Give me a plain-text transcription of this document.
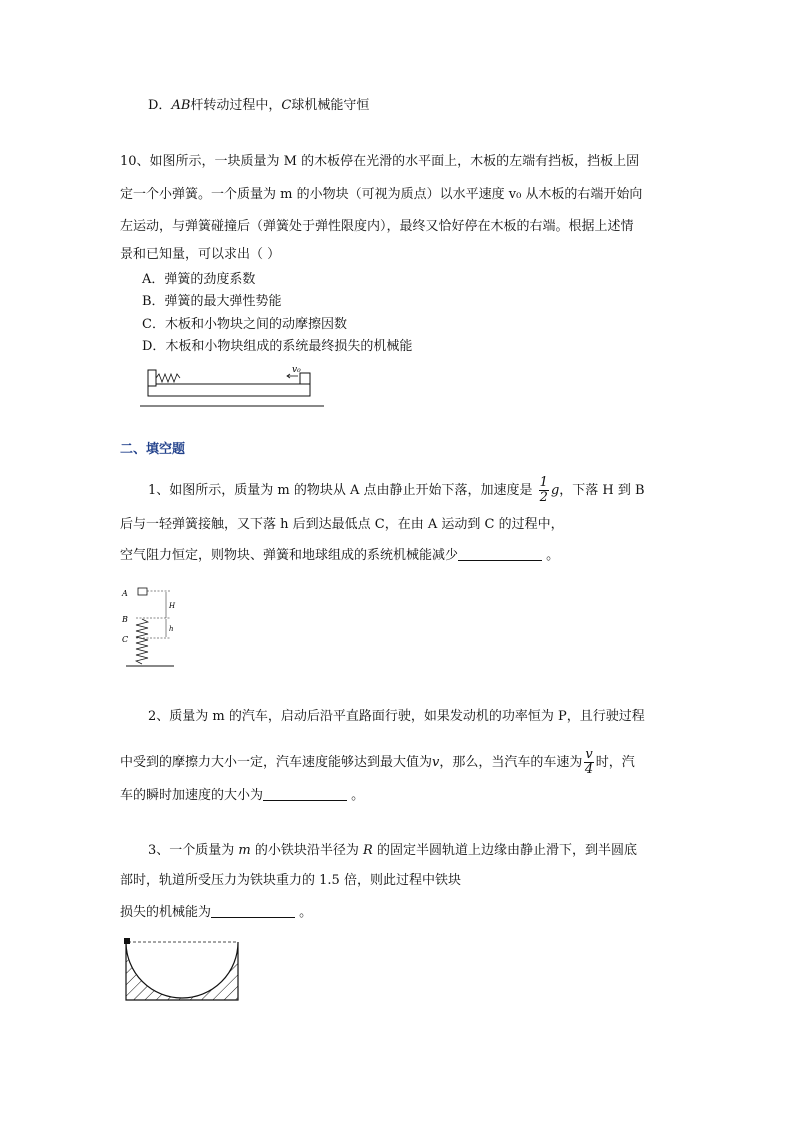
D．AB杆转动过程中，C球机械能守恒
10、如图所示，一块质量为 M 的木板停在光滑的水平面上，木板的左端有挡板，挡板上固
定一个小弹簧。一个质量为 m 的小物块（可视为质点）以水平速度 v₀ 从木板的右端开始向
左运动，与弹簧碰撞后（弹簧处于弹性限度内），最终又恰好停在木板的右端。根据上述情
景和已知量，可以求出（ ）
A．弹簧的劲度系数
B．弹簧的最大弹性势能
C．木板和小物块之间的动摩擦因数
D．木板和小物块组成的系统最终损失的机械能
v₀
二、填空题
1、如图所示，质量为 m 的物块从 A 点由静止开始下落，加速度是 $\frac{1}{2}$ g，下落 H 到 B
后与一轻弹簧接触，又下落 h 后到达最低点 C，在由 A 运动到 C 的过程中，
空气阻力恒定，则物块、弹簧和地球组成的系统机械能减少	。
A
B
C
H
h
2、质量为 m 的汽车，启动后沿平直路面行驶，如果发动机的功率恒为 P，且行驶过程
中受到的摩擦力大小一定，汽车速度能够达到最大值为v，那么，当汽车的车速为 $\frac{v}{4}$ 时，汽
车的瞬时加速度的大小为	。
3、一个质量为 m 的小铁块沿半径为 R 的固定半圆轨道上边缘由静止滑下，到半圆底
部时，轨道所受压力为铁块重力的 1.5 倍，则此过程中铁块
损失的机械能为	。
